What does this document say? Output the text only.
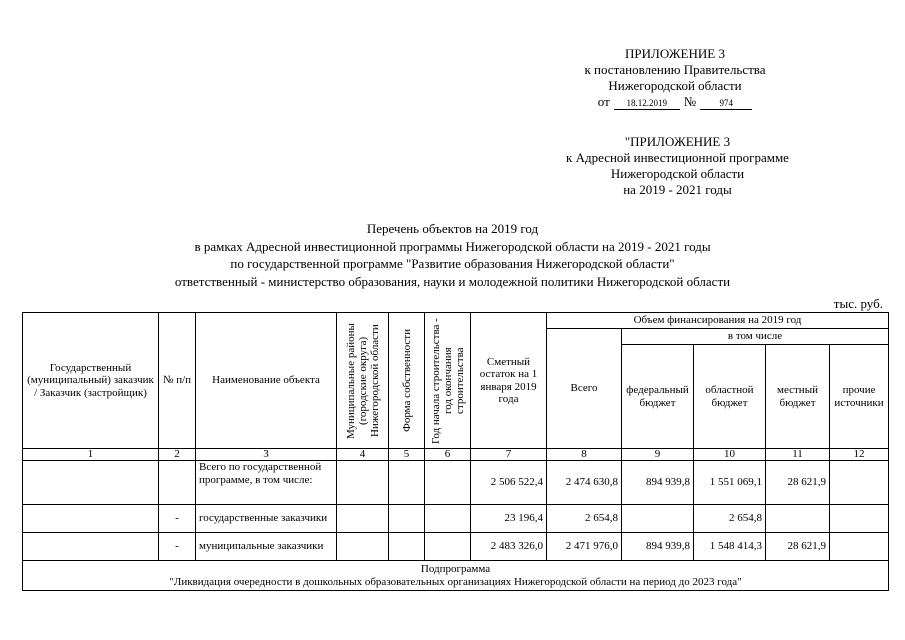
ПРИЛОЖЕНИЕ 3
к постановлению Правительства
Нижегородской области
от	18.12.2019	№	974
"ПРИЛОЖЕНИЕ 3
к Адресной инвестиционной программе
Нижегородской области
на 2019 - 2021 годы
Перечень объектов на 2019 год
в рамках Адресной инвестиционной программы Нижегородской области на 2019 - 2021 годы
по государственной программе "Развитие образования Нижегородской области"
ответственный - министерство образования, науки и молодежной политики Нижегородской области
тыс. руб.
Государственный (муниципальный) заказчик / Заказчик (застройщик)	№ п/п	Наименование объекта	Муниципальные районы (городские округа) Нижегородской области	Форма собственности	Год начала строительства - год окончания строительства	Сметный остаток на 1 января 2019 года	Объем финансирования на 2019 год				
							Всего	в том числе			
								федеральный бюджет	областной бюджет	местный бюджет	прочие источники
1	2	3	4	5	6	7	8	9	10	11	12
		Всего по государственной программе, в том числе:				2 506 522,4	2 474 630,8	894 939,8	1 551 069,1	28 621,9	
	-	государственные заказчики				23 196,4	2 654,8		2 654,8		
	-	муниципальные заказчики				2 483 326,0	2 471 976,0	894 939,8	1 548 414,3	28 621,9	

Подпрограмма
"Ликвидация очередности в дошкольных образовательных организациях Нижегородской области на период до 2023 года"											
